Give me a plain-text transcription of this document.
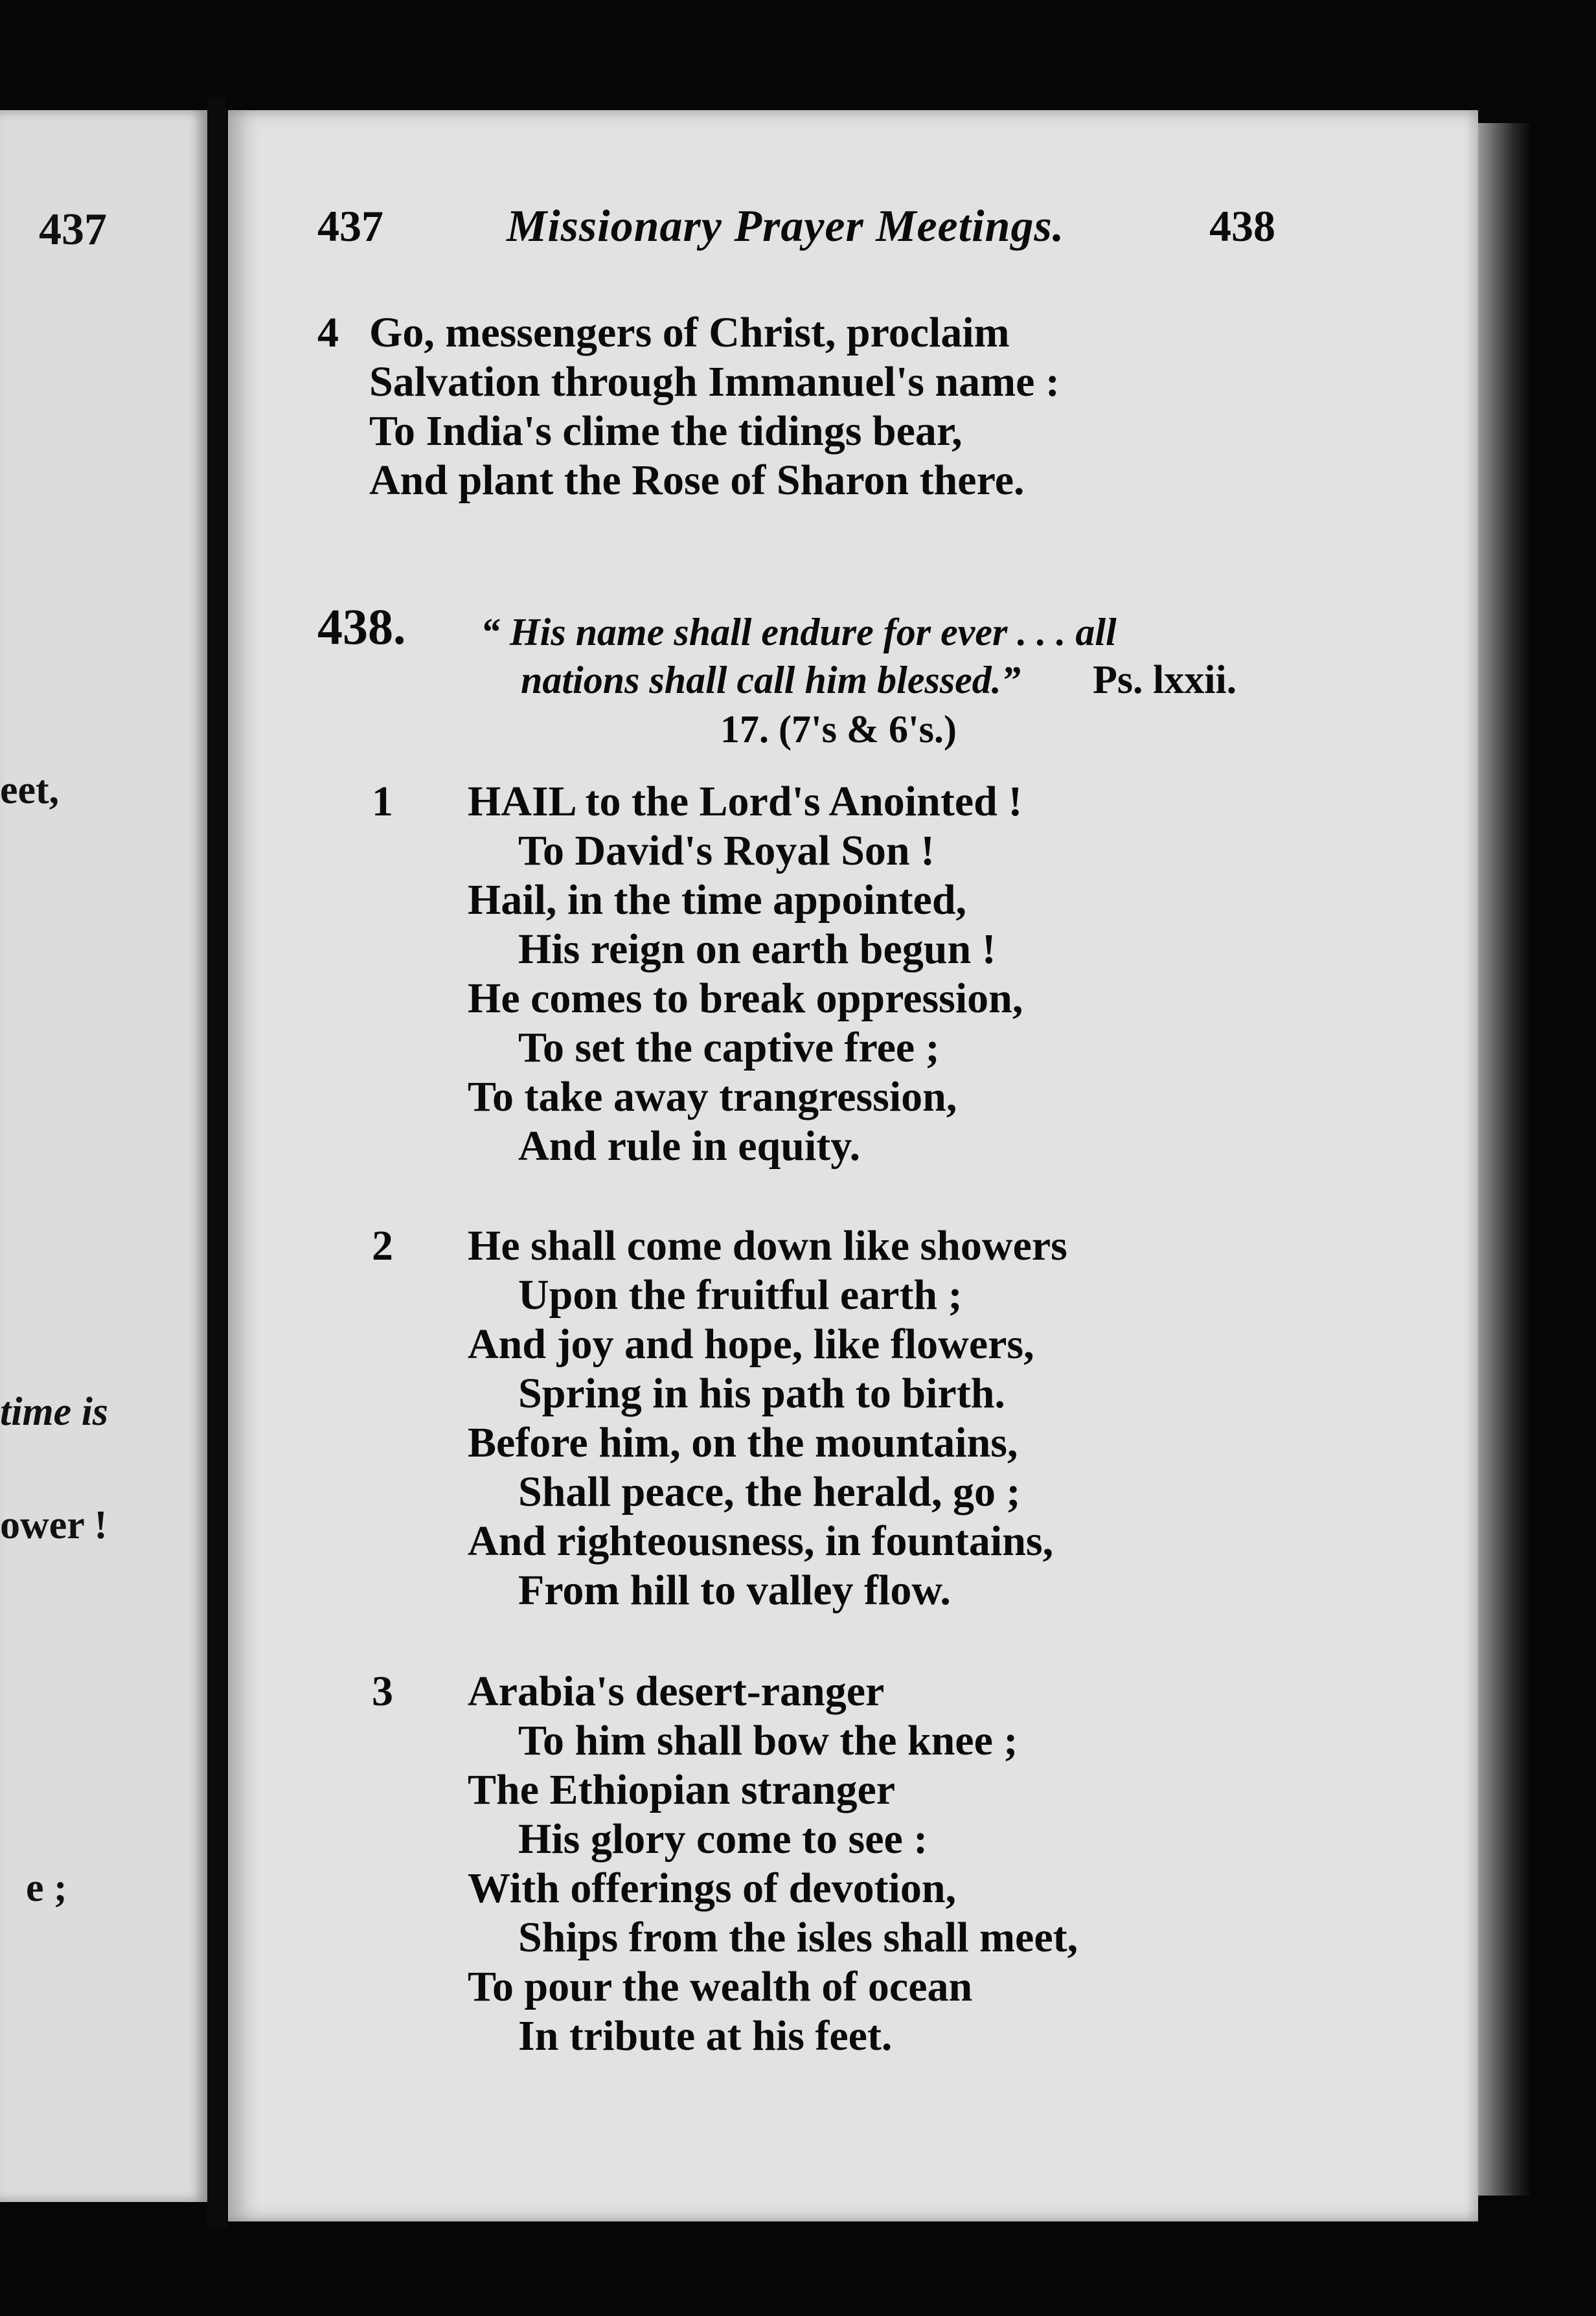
437
eet,
time is
ower !
e ;
437	Missionary Prayer Meetings.	438
4 Go, messengers of Christ, proclaim
Salvation through Immanuel's name :
To India's clime the tidings bear,
And plant the Rose of Sharon there.
438. “ His name shall endure for ever . . . all
nations shall call him blessed.” Ps. lxxii.
17. (7's & 6's.)
1 HAIL to the Lord's Anointed !
To David's Royal Son !
Hail, in the time appointed,
His reign on earth begun !
He comes to break oppression,
To set the captive free ;
To take away trangression,
And rule in equity.
2 He shall come down like showers
Upon the fruitful earth ;
And joy and hope, like flowers,
Spring in his path to birth.
Before him, on the mountains,
Shall peace, the herald, go ;
And righteousness, in fountains,
From hill to valley flow.
3 Arabia's desert-ranger
To him shall bow the knee ;
The Ethiopian stranger
His glory come to see :
With offerings of devotion,
Ships from the isles shall meet,
To pour the wealth of ocean
In tribute at his feet.
